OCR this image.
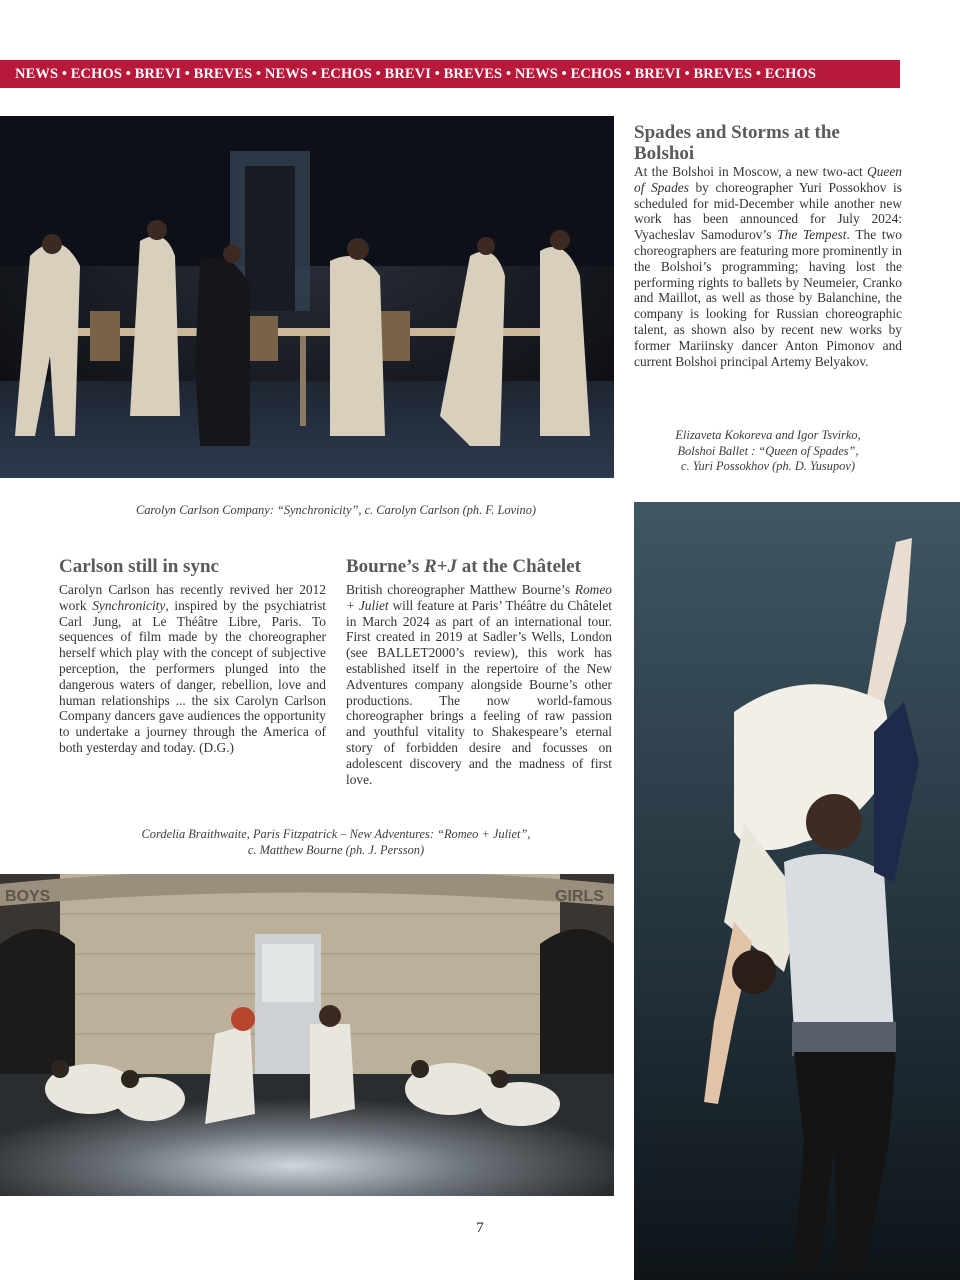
NEWS • ECHOS • BREVI • BREVES • NEWS • ECHOS • BREVI • BREVES • NEWS • ECHOS • BREVI • BREVES • ECHOS
Spades and Storms at the Bolshoi
At the Bolshoi in Moscow, a new two-act Queen of Spades by choreographer Yuri Possokhov is scheduled for mid-December while another new work has been announced for July 2024: Vyacheslav Samodurov’s The Tempest. The two choreographers are featuring more prominently in the Bolshoi’s programming; having lost the performing rights to ballets by Neumeier, Cranko and Maillot, as well as those by Balanchine, the company is looking for Russian choreographic talent, as shown also by recent new works by former Mariinsky dancer Anton Pimonov and current Bolshoi principal Artemy Belyakov.
Elizaveta Kokoreva and Igor Tsvirko,
Bolshoi Ballet : “Queen of Spades”,
c. Yuri Possokhov (ph. D. Yusupov)
Carolyn Carlson Company: “Synchronicity”, c. Carolyn Carlson (ph. F. Lovino)
Carlson still in sync
Carolyn Carlson has recently revived her 2012 work Synchronicity, inspired by the psychiatrist Carl Jung, at Le Théâtre Libre, Paris. To sequences of film made by the choreographer herself which play with the concept of subjective perception, the performers plunged into the dangerous waters of danger, rebellion, love and human relationships ... the six Carolyn Carlson Company dancers gave audiences the opportunity to undertake a journey through the America of both yesterday and today. (D.G.)
Bourne’s R+J at the Châtelet
British choreographer Matthew Bourne’s Romeo + Juliet will feature at Paris’ Théâtre du Châtelet in March 2024 as part of an international tour. First created in 2019 at Sadler’s Wells, London (see BALLET2000’s review), this work has established itself in the repertoire of the New Adventures company alongside Bourne’s other productions. The now world-famous choreographer brings a feeling of raw passion and youthful vitality to Shakespeare’s eternal story of forbidden desire and focusses on adolescent discovery and the madness of first love.
Cordelia Braithwaite, Paris Fitzpatrick – New Adventures: “Romeo + Juliet”,
c. Matthew Bourne (ph. J. Persson)
BOYS	GIRLS
7
